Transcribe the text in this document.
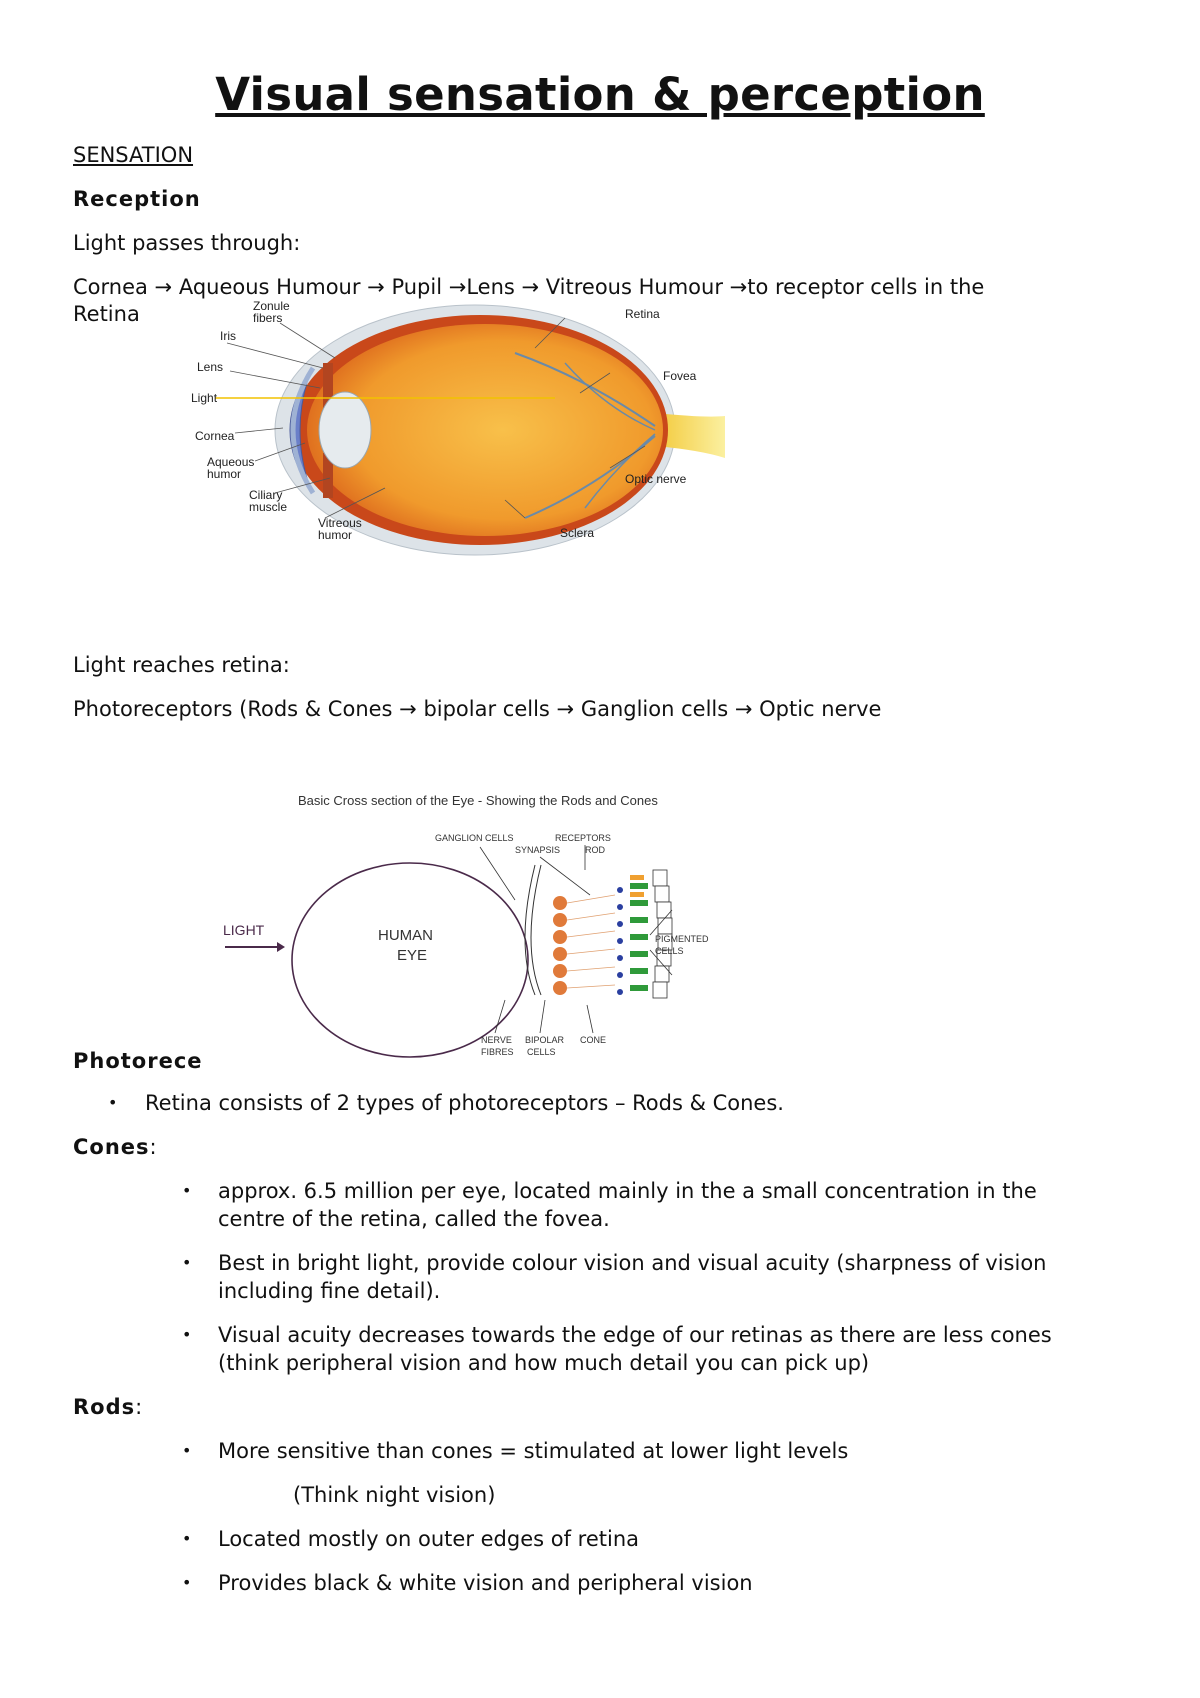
Visual sensation & perception
SENSATION
Reception
Light passes through:
Cornea → Aqueous Humour → Pupil →Lens → Vitreous Humour →to receptor cells in the
Retina	Zonule
fibers
Iris
Lens
Light
Cornea
Aqueous
humor
Ciliary
muscle
Vitreous
humor
Retina
Fovea
Optic nerve
Sclera
Light reaches retina:
Photoreceptors (Rods & Cones → bipolar cells → Ganglion cells → Optic nerve
Basic Cross section of the Eye - Showing the Rods and Cones
LIGHT	HUMAN
EYE
GANGLION CELLS	RECEPTORS
SYNAPSIS	ROD
PIGMENTED
CELLS
NERVE
FIBRES
BIPOLAR
CELLS
CONE
Photorece
• Retina consists of 2 types of photoreceptors – Rods & Cones.
Cones:
• approx. 6.5 million per eye, located mainly in the a small concentration in the
centre of the retina, called the fovea.
• Best in bright light, provide colour vision and visual acuity (sharpness of vision
including fine detail).
• Visual acuity decreases towards the edge of our retinas as there are less cones
(think peripheral vision and how much detail you can pick up)
Rods:
• More sensitive than cones = stimulated at lower light levels
(Think night vision)
• Located mostly on outer edges of retina
• Provides black & white vision and peripheral vision
